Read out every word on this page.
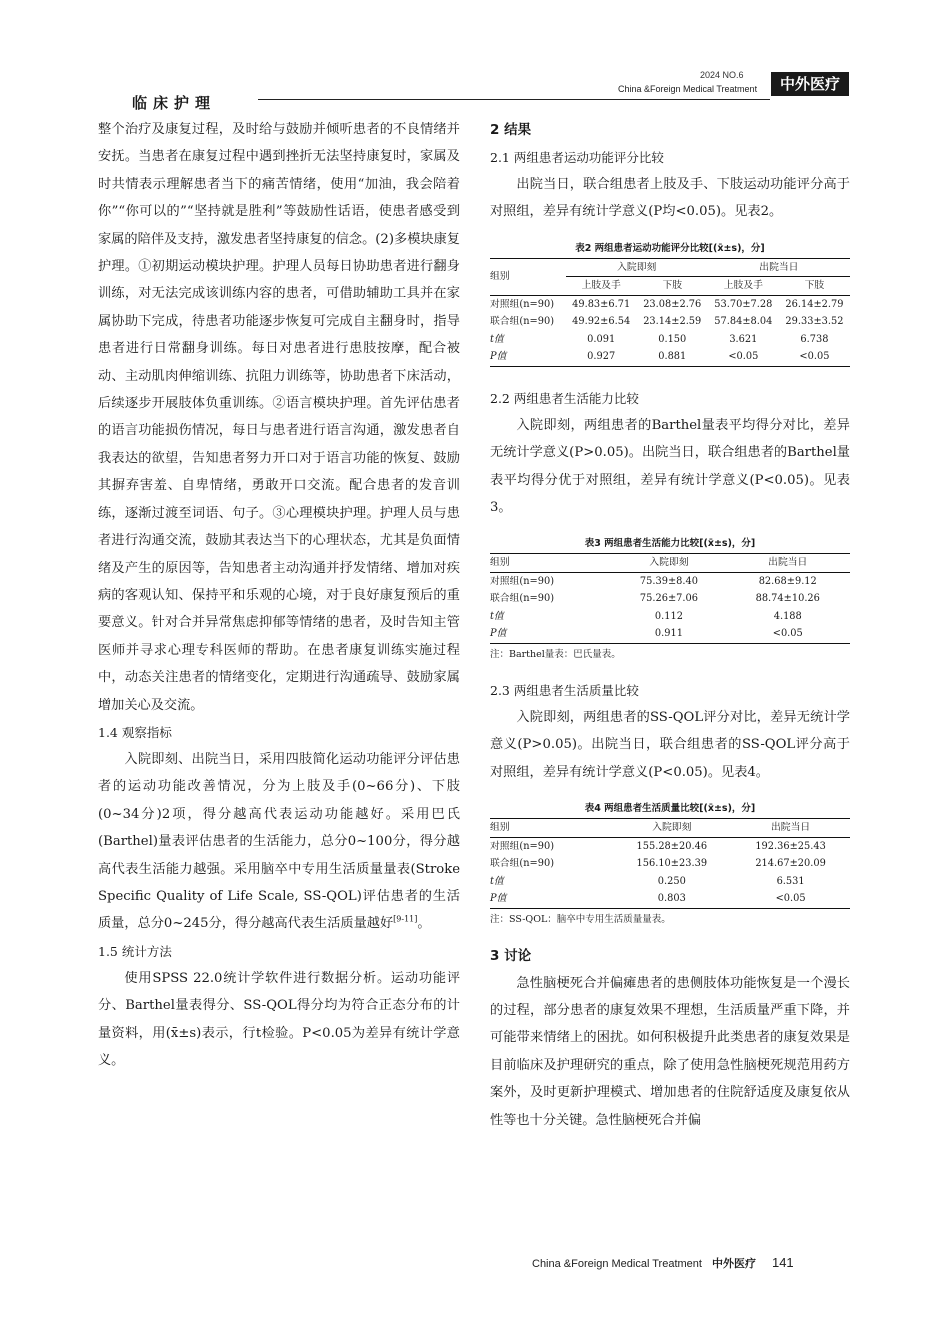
临床护理
2024 NO.6
China &Foreign Medical Treatment	中外医疗

整个治疗及康复过程，及时给与鼓励并倾听患者的不良情绪并安抚。当患者在康复过程中遇到挫折无法坚持康复时，家属及时共情表示理解患者当下的痛苦情绪，使用“加油，我会陪着你”“你可以的”“坚持就是胜利”等鼓励性话语，使患者感受到家属的陪伴及支持，激发患者坚持康复的信念。(2)多模块康复护理。①初期运动模块护理。护理人员每日协助患者进行翻身训练，对无法完成该训练内容的患者，可借助辅助工具并在家属协助下完成，待患者功能逐步恢复可完成自主翻身时，指导患者进行日常翻身训练。每日对患者进行患肢按摩，配合被动、主动肌肉伸缩训练、抗阻力训练等，协助患者下床活动，后续逐步开展肢体负重训练。②语言模块护理。首先评估患者的语言功能损伤情况，每日与患者进行语言沟通，激发患者自我表达的欲望，告知患者努力开口对于语言功能的恢复、鼓励其摒弃害羞、自卑情绪，勇敢开口交流。配合患者的发音训练，逐渐过渡至词语、句子。③心理模块护理。护理人员与患者进行沟通交流，鼓励其表达当下的心理状态，尤其是负面情绪及产生的原因等，告知患者主动沟通并抒发情绪、增加对疾病的客观认知、保持平和乐观的心境，对于良好康复预后的重要意义。针对合并异常焦虑抑郁等情绪的患者，及时告知主管医师并寻求心理专科医师的帮助。在患者康复训练实施过程中，动态关注患者的情绪变化，定期进行沟通疏导、鼓励家属增加关心及交流。

1.4 观察指标

入院即刻、出院当日，采用四肢简化运动功能评分评估患者的运动功能改善情况，分为上肢及手(0~66分)、下肢(0~34分)2项，得分越高代表运动功能越好。采用巴氏(Barthel)量表评估患者的生活能力，总分0~100分，得分越高代表生活能力越强。采用脑卒中专用生活质量量表(Stroke Specific Quality of Life Scale, SS-QOL)评估患者的生活质量，总分0~245分，得分越高代表生活质量越好[9-11]。

1.5 统计方法

使用SPSS 22.0统计学软件进行数据分析。运动功能评分、Barthel量表得分、SS-QOL得分均为符合正态分布的计量资料，用(x̄±s)表示，行t检验。P<0.05为差异有统计学意义。

2 结果

2.1 两组患者运动功能评分比较

出院当日，联合组患者上肢及手、下肢运动功能评分高于对照组，差异有统计学意义(P均<0.05)。见表2。

表2 两组患者运动功能评分比较[(x̄±s)，分]
组别	入院即刻		出院当日	
	上肢及手	下肢	上肢及手	下肢
对照组(n=90)	49.83±6.71	23.08±2.76	53.70±7.28	26.14±2.79
联合组(n=90)	49.92±6.54	23.14±2.59	57.84±8.04	29.33±3.52
t值	0.091	0.150	3.621	6.738
P值	0.927	0.881	<0.05	<0.05

2.2 两组患者生活能力比较

入院即刻，两组患者的Barthel量表平均得分对比，差异无统计学意义(P>0.05)。出院当日，联合组患者的Barthel量表平均得分优于对照组，差异有统计学意义(P<0.05)。见表3。

表3 两组患者生活能力比较[(x̄±s)，分]
组别	入院即刻	出院当日
对照组(n=90)	75.39±8.40	82.68±9.12
联合组(n=90)	75.26±7.06	88.74±10.26
t值	0.112	4.188
P值	0.911	<0.05
注：Barthel量表：巴氏量表。

2.3 两组患者生活质量比较

入院即刻，两组患者的SS-QOL评分对比，差异无统计学意义(P>0.05)。出院当日，联合组患者的SS-QOL评分高于对照组，差异有统计学意义(P<0.05)。见表4。

表4 两组患者生活质量比较[(x̄±s)，分]
组别	入院即刻	出院当日
对照组(n=90)	155.28±20.46	192.36±25.43
联合组(n=90)	156.10±23.39	214.67±20.09
t值	0.250	6.531
P值	0.803	<0.05
注：SS-QOL：脑卒中专用生活质量量表。

3 讨论

急性脑梗死合并偏瘫患者的患侧肢体功能恢复是一个漫长的过程，部分患者的康复效果不理想，生活质量严重下降，并可能带来情绪上的困扰。如何积极提升此类患者的康复效果是目前临床及护理研究的重点，除了使用急性脑梗死规范用药方案外，及时更新护理模式、增加患者的住院舒适度及康复依从性等也十分关键。急性脑梗死合并偏

China &Foreign Medical Treatment 中外医疗 141
